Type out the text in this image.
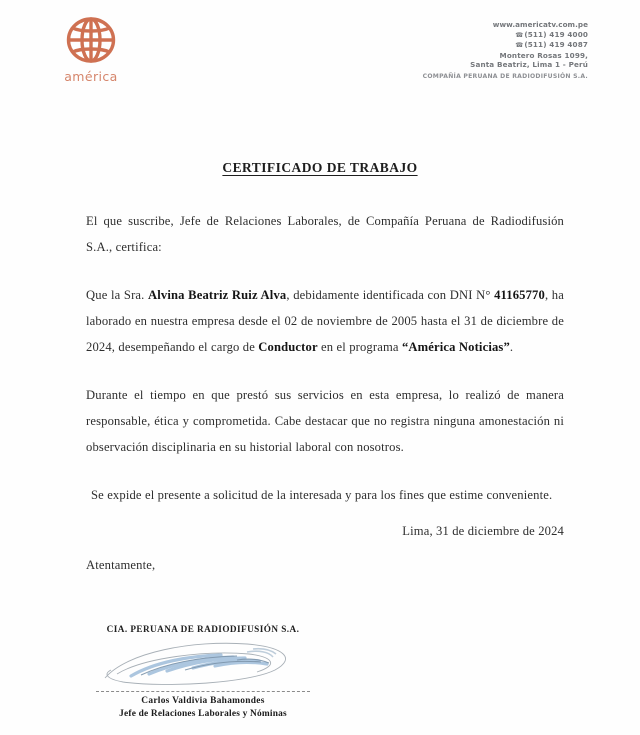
américa
www.americatv.com.pe
☎(511) 419 4000
☎(511) 419 4087
Montero Rosas 1099,
Santa Beatriz, Lima 1 - Perú
COMPAÑÍA PERUANA DE RADIODIFUSIÓN S.A.
CERTIFICADO DE TRABAJO

El que suscribe, Jefe de Relaciones Laborales, de Compañía Peruana de Radiodifusión S.A., certifica:

Que la Sra. Alvina Beatriz Ruiz Alva, debidamente identificada con DNI N° 41165770, ha laborado en nuestra empresa desde el 02 de noviembre de 2005 hasta el 31 de diciembre de 2024, desempeñando el cargo de Conductor en el programa “América Noticias”.

Durante el tiempo en que prestó sus servicios en esta empresa, lo realizó de manera responsable, ética y comprometida. Cabe destacar que no registra ninguna amonestación ni observación disciplinaria en su historial laboral con nosotros.

Se expide el presente a solicitud de la interesada y para los fines que estime conveniente.

Lima, 31 de diciembre de 2024
Atentamente,
CIA. PERUANA DE RADIODIFUSIÓN S.A.
Carlos Valdivia Bahamondes
Jefe de Relaciones Laborales y Nóminas
